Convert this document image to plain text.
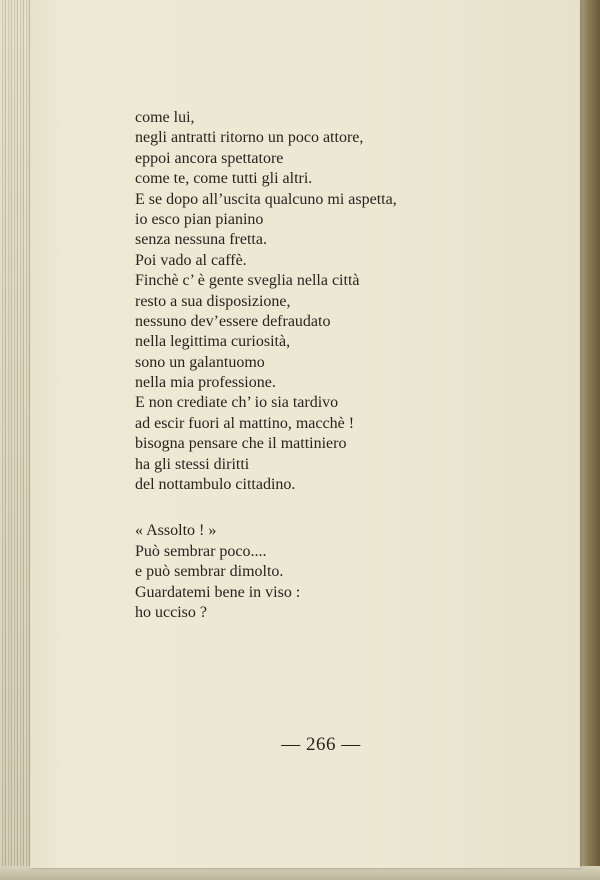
come lui,
negli antratti ritorno un poco attore,
eppoi ancora spettatore
come te, come tutti gli altri.
E se dopo all’uscita qualcuno mi aspetta,
io esco pian pianino
senza nessuna fretta.
Poi vado al caffè.
Finchè c’ è gente sveglia nella città
resto a sua disposizione,
nessuno dev’essere defraudato
nella legittima curiosità,
sono un galantuomo
nella mia professione.
E non crediate ch’ io sia tardivo
ad escir fuori al mattino, macchè !
bisogna pensare che il mattiniero
ha gli stessi diritti
del nottambulo cittadino.
« Assolto ! »
Può sembrar poco....
e può sembrar dimolto.
Guardatemi bene in viso :
ho ucciso ?
— 266 —
